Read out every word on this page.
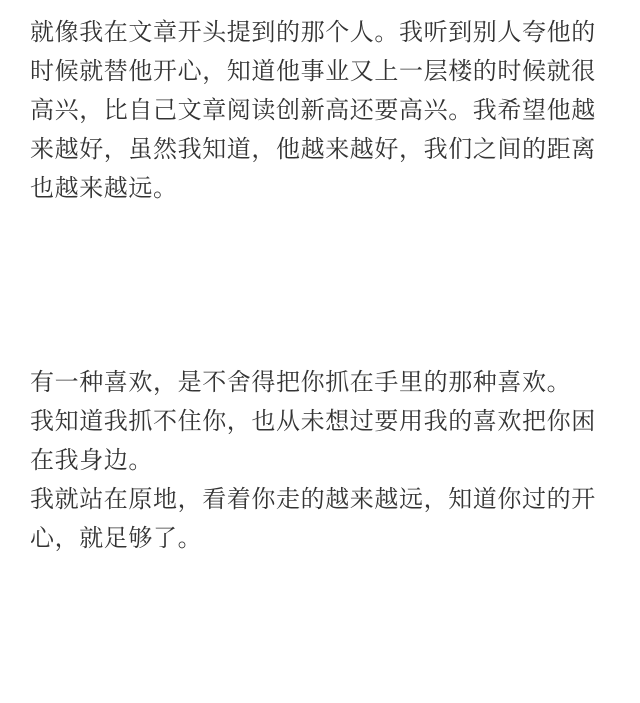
就像我在文章开头提到的那个人。我听到别人夸他的时候就替他开心，知道他事业又上一层楼的时候就很高兴，比自己文章阅读创新高还要高兴。我希望他越来越好，虽然我知道，他越来越好，我们之间的距离也越来越远。

有一种喜欢，是不舍得把你抓在手里的那种喜欢。

我知道我抓不住你，也从未想过要用我的喜欢把你困在我身边。

我就站在原地，看着你走的越来越远，知道你过的开心，就足够了。
